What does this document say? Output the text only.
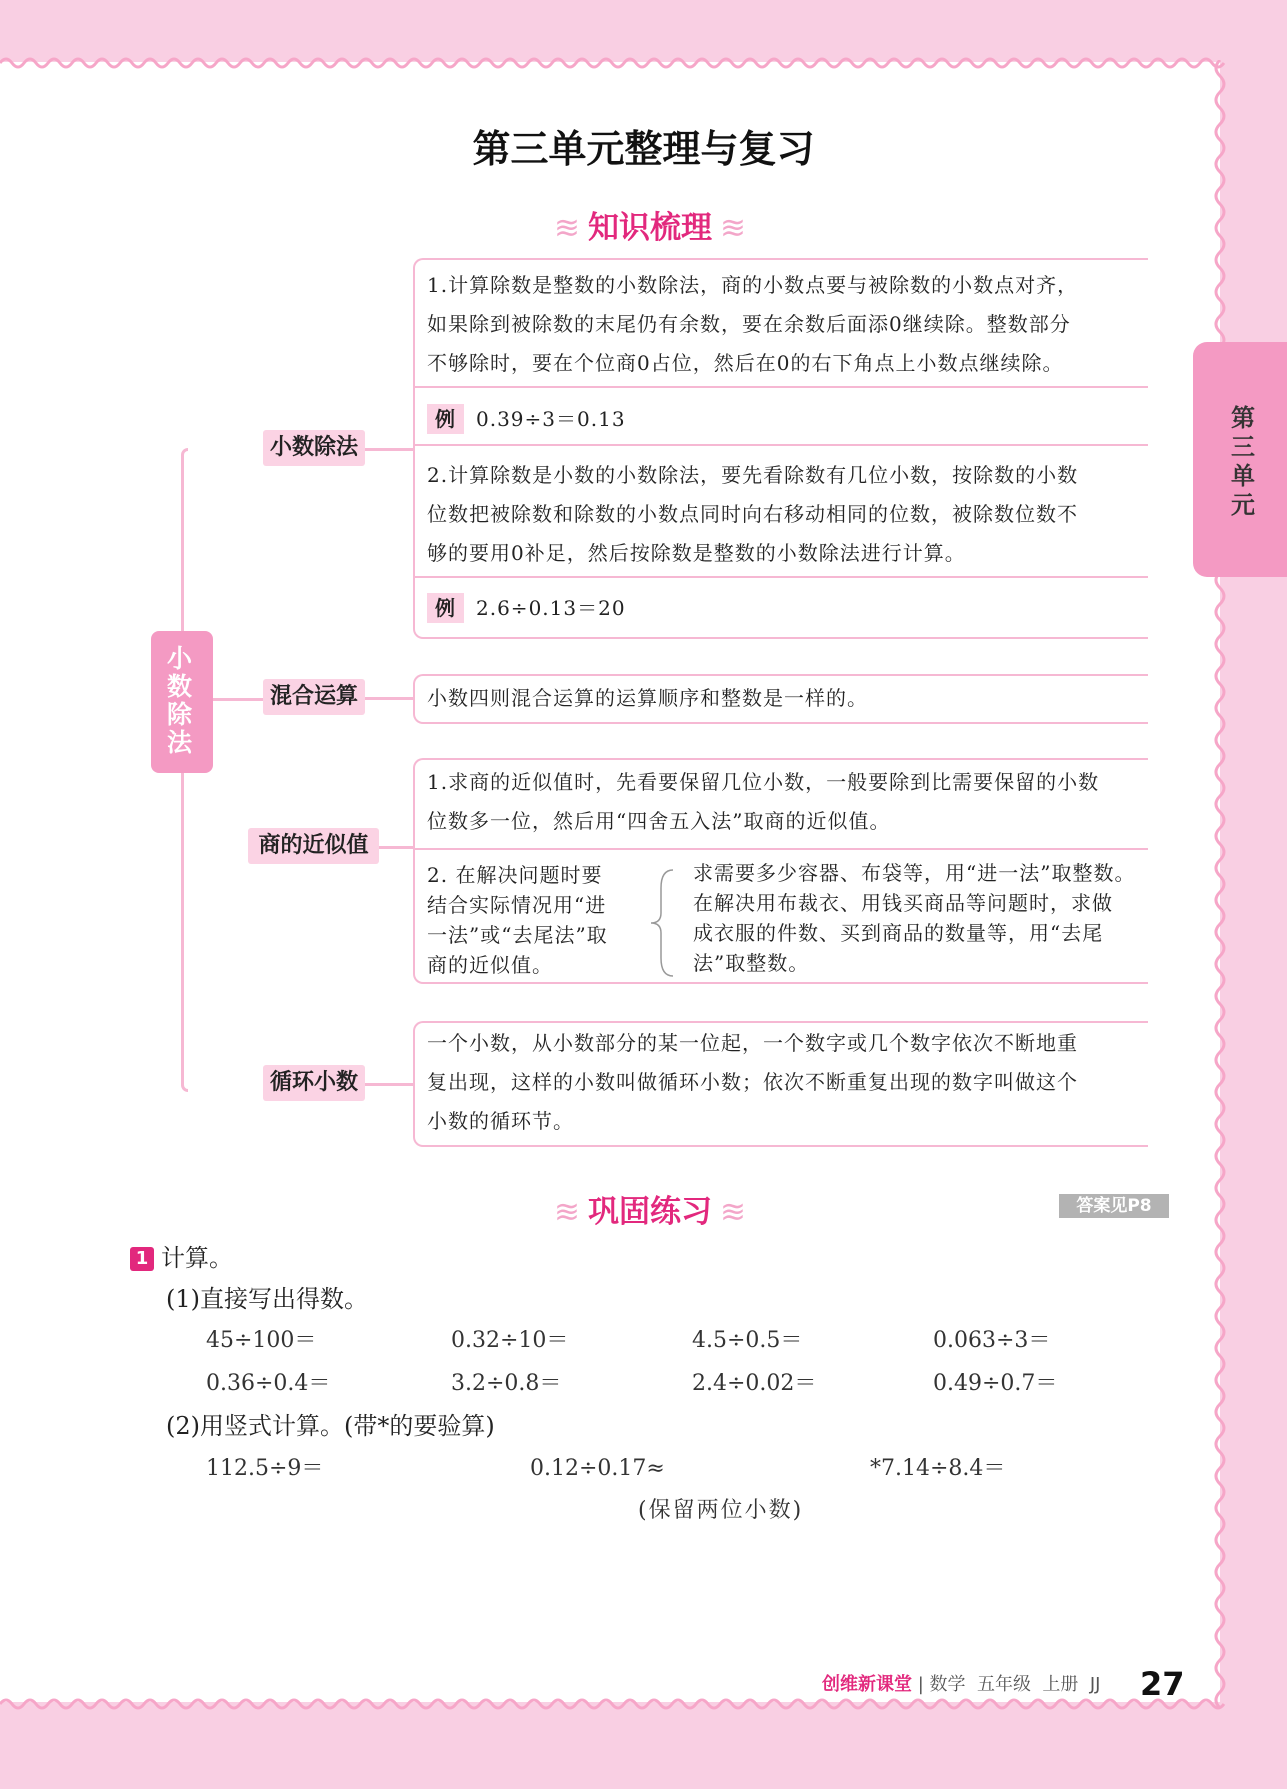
第三单元整理与复习
第三单元
≋ 知识梳理 ≋
小数除法
小数除法
混合运算
商的近似值
循环小数
1.计算除数是整数的小数除法，商的小数点要与被除数的小数点对齐，
如果除到被除数的末尾仍有余数，要在余数后面添0继续除。整数部分
不够除时，要在个位商0占位，然后在0的右下角点上小数点继续除。
例 0.39÷3＝0.13
2.计算除数是小数的小数除法，要先看除数有几位小数，按除数的小数
位数把被除数和除数的小数点同时向右移动相同的位数，被除数位数不
够的要用0补足，然后按除数是整数的小数除法进行计算。
例 2.6÷0.13＝20
小数四则混合运算的运算顺序和整数是一样的。
1.求商的近似值时，先看要保留几位小数，一般要除到比需要保留的小数
位数多一位，然后用“四舍五入法”取商的近似值。
2. 在解决问题时要
结合实际情况用“进
一法”或“去尾法”取
商的近似值。
求需要多少容器、布袋等，用“进一法”取整数。
在解决用布裁衣、用钱买商品等问题时，求做
成衣服的件数、买到商品的数量等，用“去尾
法”取整数。
一个小数，从小数部分的某一位起，一个数字或几个数字依次不断地重
复出现，这样的小数叫做循环小数；依次不断重复出现的数字叫做这个
小数的循环节。
≋ 巩固练习 ≋	答案见P8
1 计算。
(1)直接写出得数。
45÷100＝	0.32÷10＝	4.5÷0.5＝	0.063÷3＝
0.36÷0.4＝	3.2÷0.8＝	2.4÷0.02＝	0.49÷0.7＝
(2)用竖式计算。(带*的要验算)
112.5÷9＝	0.12÷0.17≈	*7.14÷8.4＝
(保留两位小数)
创维新课堂 | 数学  五年级  上册  JJ 27
